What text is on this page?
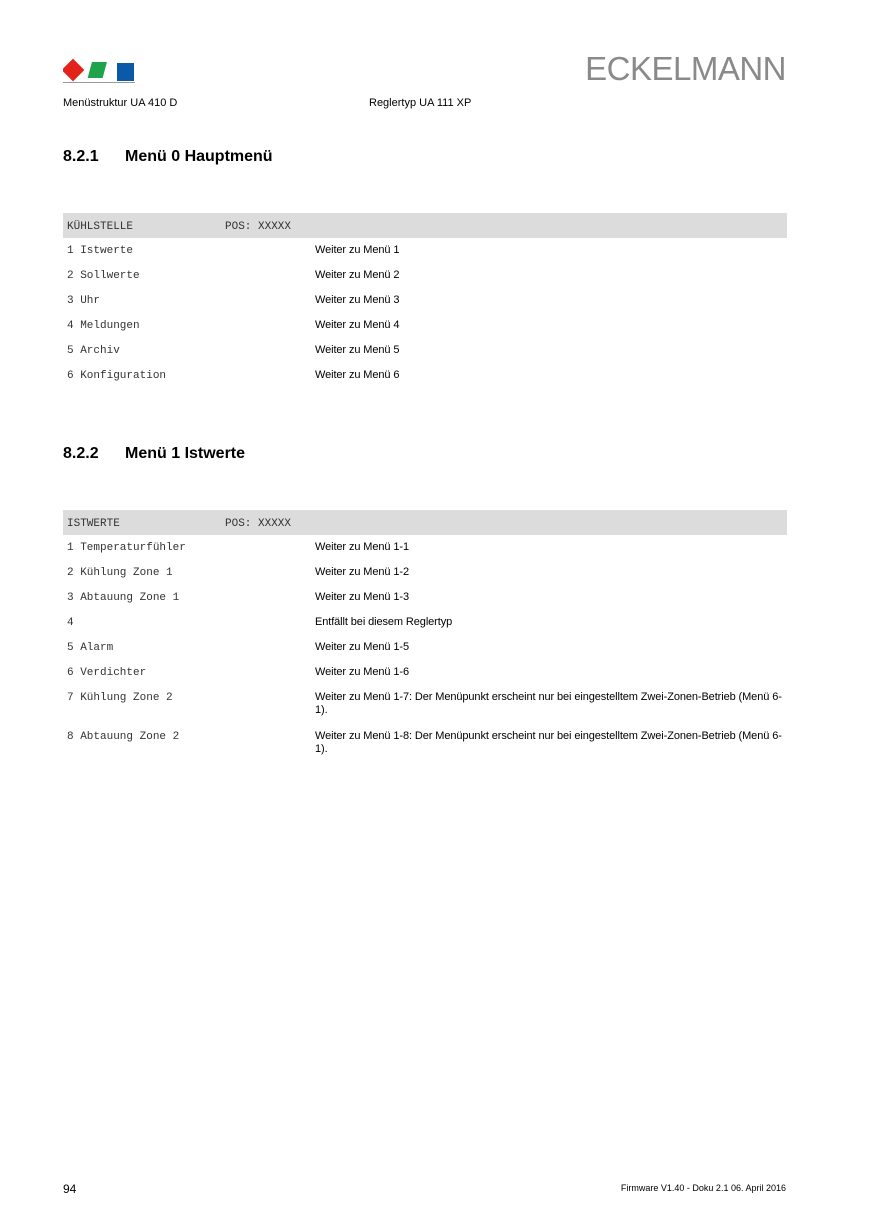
ECKELMANN
Menüstruktur UA 410 D	Reglertyp UA 111 XP
8.2.1 Menü 0 Hauptmenü
KÜHLSTELLE	POS: XXXXX
1 Istwerte	Weiter zu Menü 1
2 Sollwerte	Weiter zu Menü 2
3 Uhr	Weiter zu Menü 3
4 Meldungen	Weiter zu Menü 4
5 Archiv	Weiter zu Menü 5
6 Konfiguration	Weiter zu Menü 6
8.2.2 Menü 1 Istwerte
ISTWERTE	POS: XXXXX
1 Temperaturfühler	Weiter zu Menü 1-1
2 Kühlung Zone 1	Weiter zu Menü 1-2
3 Abtauung Zone 1	Weiter zu Menü 1-3
4	Entfällt bei diesem Reglertyp
5 Alarm	Weiter zu Menü 1-5
6 Verdichter	Weiter zu Menü 1-6
7 Kühlung Zone 2	Weiter zu Menü 1-7: Der Menüpunkt erscheint nur bei eingestelltem Zwei-Zonen-Betrieb (Menü 6-1).
8 Abtauung Zone 2	Weiter zu Menü 1-8: Der Menüpunkt erscheint nur bei eingestelltem Zwei-Zonen-Betrieb (Menü 6-1).
94	Firmware V1.40 - Doku 2.1 06. April 2016
